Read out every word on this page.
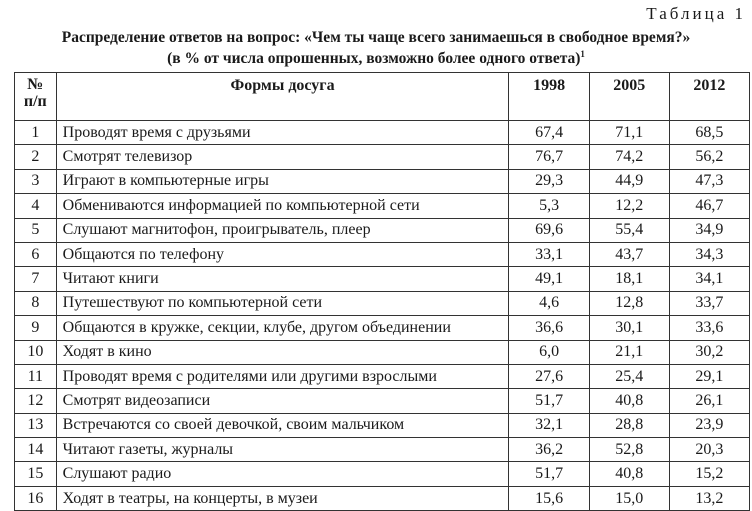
Таблица 1
Распределение ответов на вопрос: «Чем ты чаще всего занимаешься в свободное время?»
(в % от числа опрошенных, возможно более одного ответа)$^1$
№
п/п	Формы досуга	1998	2005	2012
1	Проводят время с друзьями	67,4	71,1	68,5
2	Смотрят телевизор	76,7	74,2	56,2
3	Играют в компьютерные игры	29,3	44,9	47,3
4	Обмениваются информацией по компьютерной сети	5,3	12,2	46,7
5	Слушают магнитофон, проигрыватель, плеер	69,6	55,4	34,9
6	Общаются по телефону	33,1	43,7	34,3
7	Читают книги	49,1	18,1	34,1
8	Путешествуют по компьютерной сети	4,6	12,8	33,7
9	Общаются в кружке, секции, клубе, другом объединении	36,6	30,1	33,6
10	Ходят в кино	6,0	21,1	30,2
11	Проводят время с родителями или другими взрослыми	27,6	25,4	29,1
12	Смотрят видеозаписи	51,7	40,8	26,1
13	Встречаются со своей девочкой, своим мальчиком	32,1	28,8	23,9
14	Читают газеты, журналы	36,2	52,8	20,3
15	Слушают радио	51,7	40,8	15,2
16	Ходят в театры, на концерты, в музеи	15,6	15,0	13,2
